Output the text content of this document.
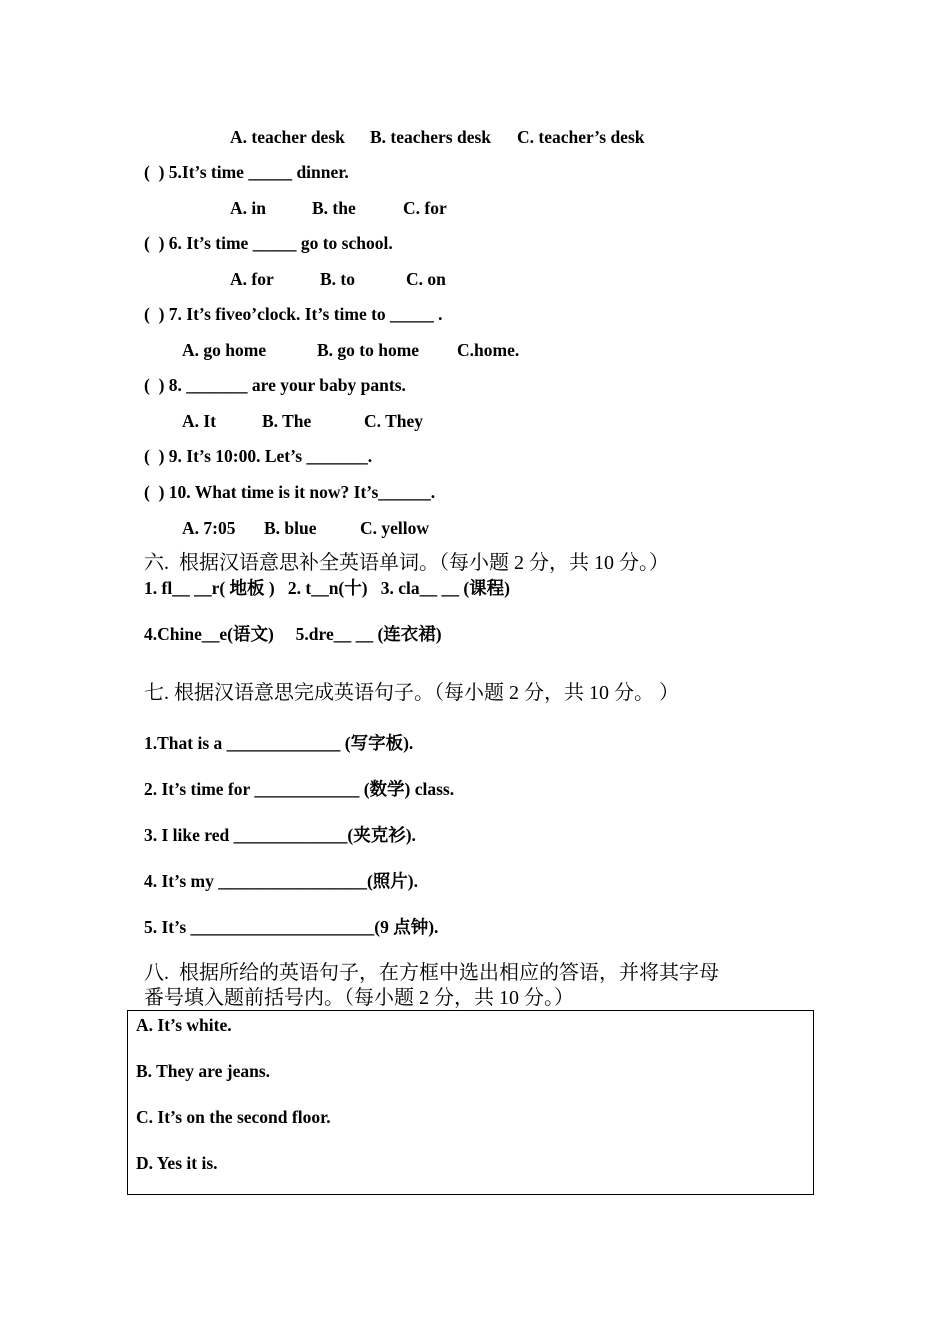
A. teacher desk B. teachers desk C. teacher’s desk
(  ) 5.It’s time _____ dinner.
A. in	B. the	C. for
(  ) 6. It’s time _____ go to school.
A. for	B. to	C. on
(  ) 7. It’s fiveo’clock. It’s time to _____ .
A. go home	B. go to home C.home.
(  ) 8. _______ are your baby pants.
A. It	B. The	C. They
(  ) 9. It’s 10:00. Let’s _______.
(  ) 10. What time is it now? It’s______.
A. 7:05 B. blue C. yellow
六.  根据汉语意思补全英语单词。（每小题 2 分，共 10 分。）
1. fl__ __r( 地板 )   2. t__n(十)   3. cla__ __ (课程)
4.Chine__e(语文)     5.dre__ __ (连衣裙)
七. 根据汉语意思完成英语句子。（每小题 2 分，共 10 分。 ）
1.That is a _____________ (写字板).
2. It’s time for ____________ (数学) class.
3. I like red _____________(夹克衫).
4. It’s my _________________(照片).
5. It’s _____________________(9 点钟).
八.  根据所给的英语句子，在方框中选出相应的答语，并将其字母
番号填入题前括号内。（每小题 2 分，共 10 分。）
A. It’s white.
B. They are jeans.
C. It’s on the second floor.
D. Yes it is.
